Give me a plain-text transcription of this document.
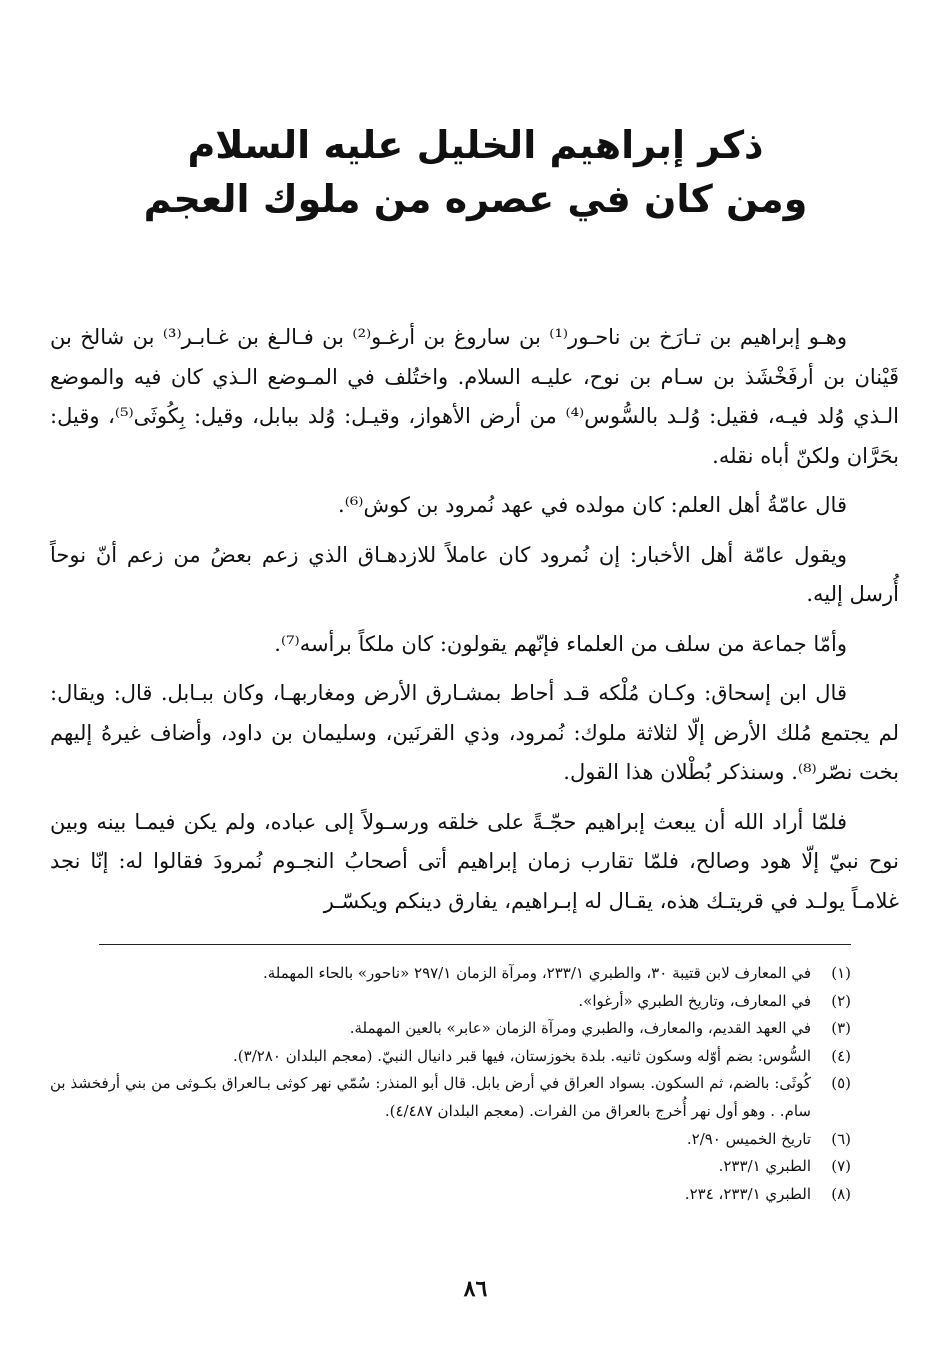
ذكر إبراهيم الخليل عليه السلام
ومن كان في عصره من ملوك العجم

وهـو إبراهيم بن تـارَخ بن ناحـور⁽¹⁾ بن ساروغ بن أرغـو⁽²⁾ بن فـالـغ بن غـابـر⁽³⁾ بن شالخ بن قَيْنان بن أرفَخْشَذ بن سـام بن نوح، عليـه السلام. واختُلف في المـوضع الـذي كان فيه والموضع الـذي وُلد فيـه، فقيل: وُلـد بالسُّوس⁽⁴⁾ من أرض الأهواز، وقيـل: وُلد ببابل، وقيل: بِكُوثَى⁽⁵⁾، وقيل: بحَرَّان ولكنّ أباه نقله.

قال عامّةُ أهل العلم: كان مولده في عهد نُمرود بن كوش⁽⁶⁾.

ويقول عامّة أهل الأخبار: إن نُمرود كان عاملاً للازدهـاق الذي زعم بعضُ من زعم أنّ نوحاً أُرسل إليه.

وأمّا جماعة من سلف من العلماء فإنّهم يقولون: كان ملكاً برأسه⁽⁷⁾.

قال ابن إسحاق: وكـان مُلْكه قـد أحاط بمشـارق الأرض ومغاربهـا، وكان ببـابل. قال: ويقال: لم يجتمع مُلك الأرض إلّا لثلاثة ملوك: نُمرود، وذي القرنَين، وسليمان بن داود، وأضاف غيرهُ إليهم بخت نصّر⁽⁸⁾. وسنذكر بُطْلان هذا القول.

فلمّا أراد الله أن يبعث إبراهيم حجّـةً على خلقه ورسـولاً إلى عباده، ولم يكن فيمـا بينه وبين نوح نبيّ إلّا هود وصالح، فلمّا تقارب زمان إبراهيم أتى أصحابُ النجـوم نُمرودَ فقالوا له: إنّا نجد غلامـاً يولـد في قريتـك هذه، يقـال له إبـراهيم، يفارق دينكم ويكسّـر

(١)
في المعارف لابن قتيبة ٣٠، والطبري ٢٣٣/١، ومرآة الزمان ٢٩٧/١ «ناحور» بالحاء المهملة.
(٢)
في المعارف، وتاريخ الطبري «أرغوا».
(٣)
في العهد القديم، والمعارف، والطبري ومرآة الزمان «عابر» بالعين المهملة.
(٤)
السُّوس: بضم أوّله وسكون ثانيه. بلدة بخوزستان، فيها قبر دانيال النبيّ. (معجم البلدان ٣/٢٨٠).
(٥)
كُوثَى: بالضم، ثم السكون. بسواد العراق في أرض بابل. قال أبو المنذر: سُمّي نهر كوثى بـالعراق بكـوثى من بني أرفخشذ بن سام. . وهو أول نهر أُخرج بالعراق من الفرات. (معجم البلدان ٤/٤٨٧).
(٦)
تاريخ الخميس ٢/٩٠.
(٧)
الطبري ٢٣٣/١.
(٨)
الطبري ٢٣٣/١، ٢٣٤.
٨٦
